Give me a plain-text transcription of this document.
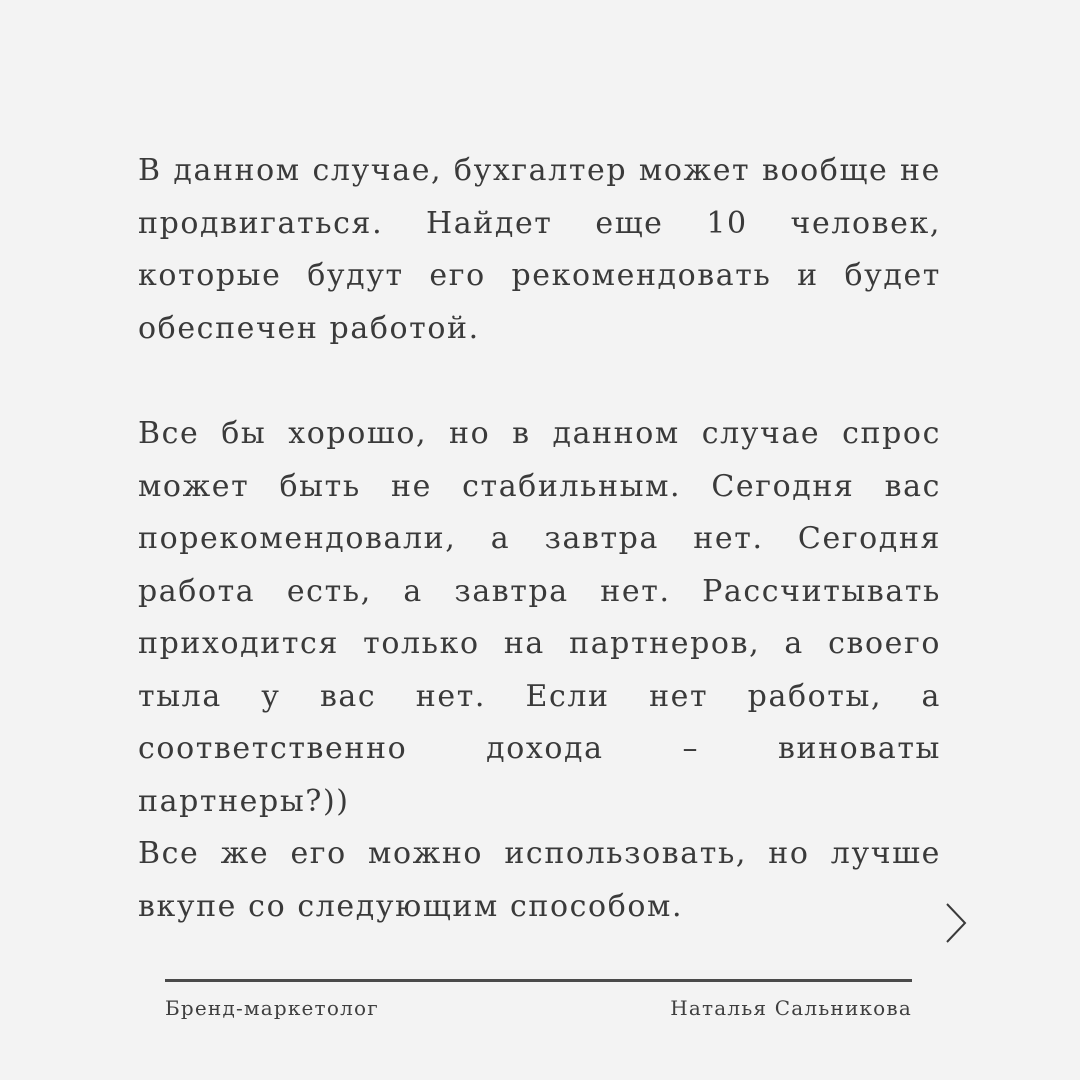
В данном случае, бухгалтер может вообще не продвигаться. Найдет еще 10 человек, которые будут его рекомендовать и будет обеспечен работой.

Все бы хорошо, но в данном случае спрос может быть не стабильным. Сегодня вас порекомендовали, а завтра нет. Сегодня работа есть, а завтра нет. Рассчитывать приходится только на партнеров, а своего тыла у вас нет. Если нет работы, а соответственно дохода – виноваты партнеры?))

Все же его можно использовать, но лучше вкупе со следующим способом.

Бренд-маркетолог	Наталья Сальникова
